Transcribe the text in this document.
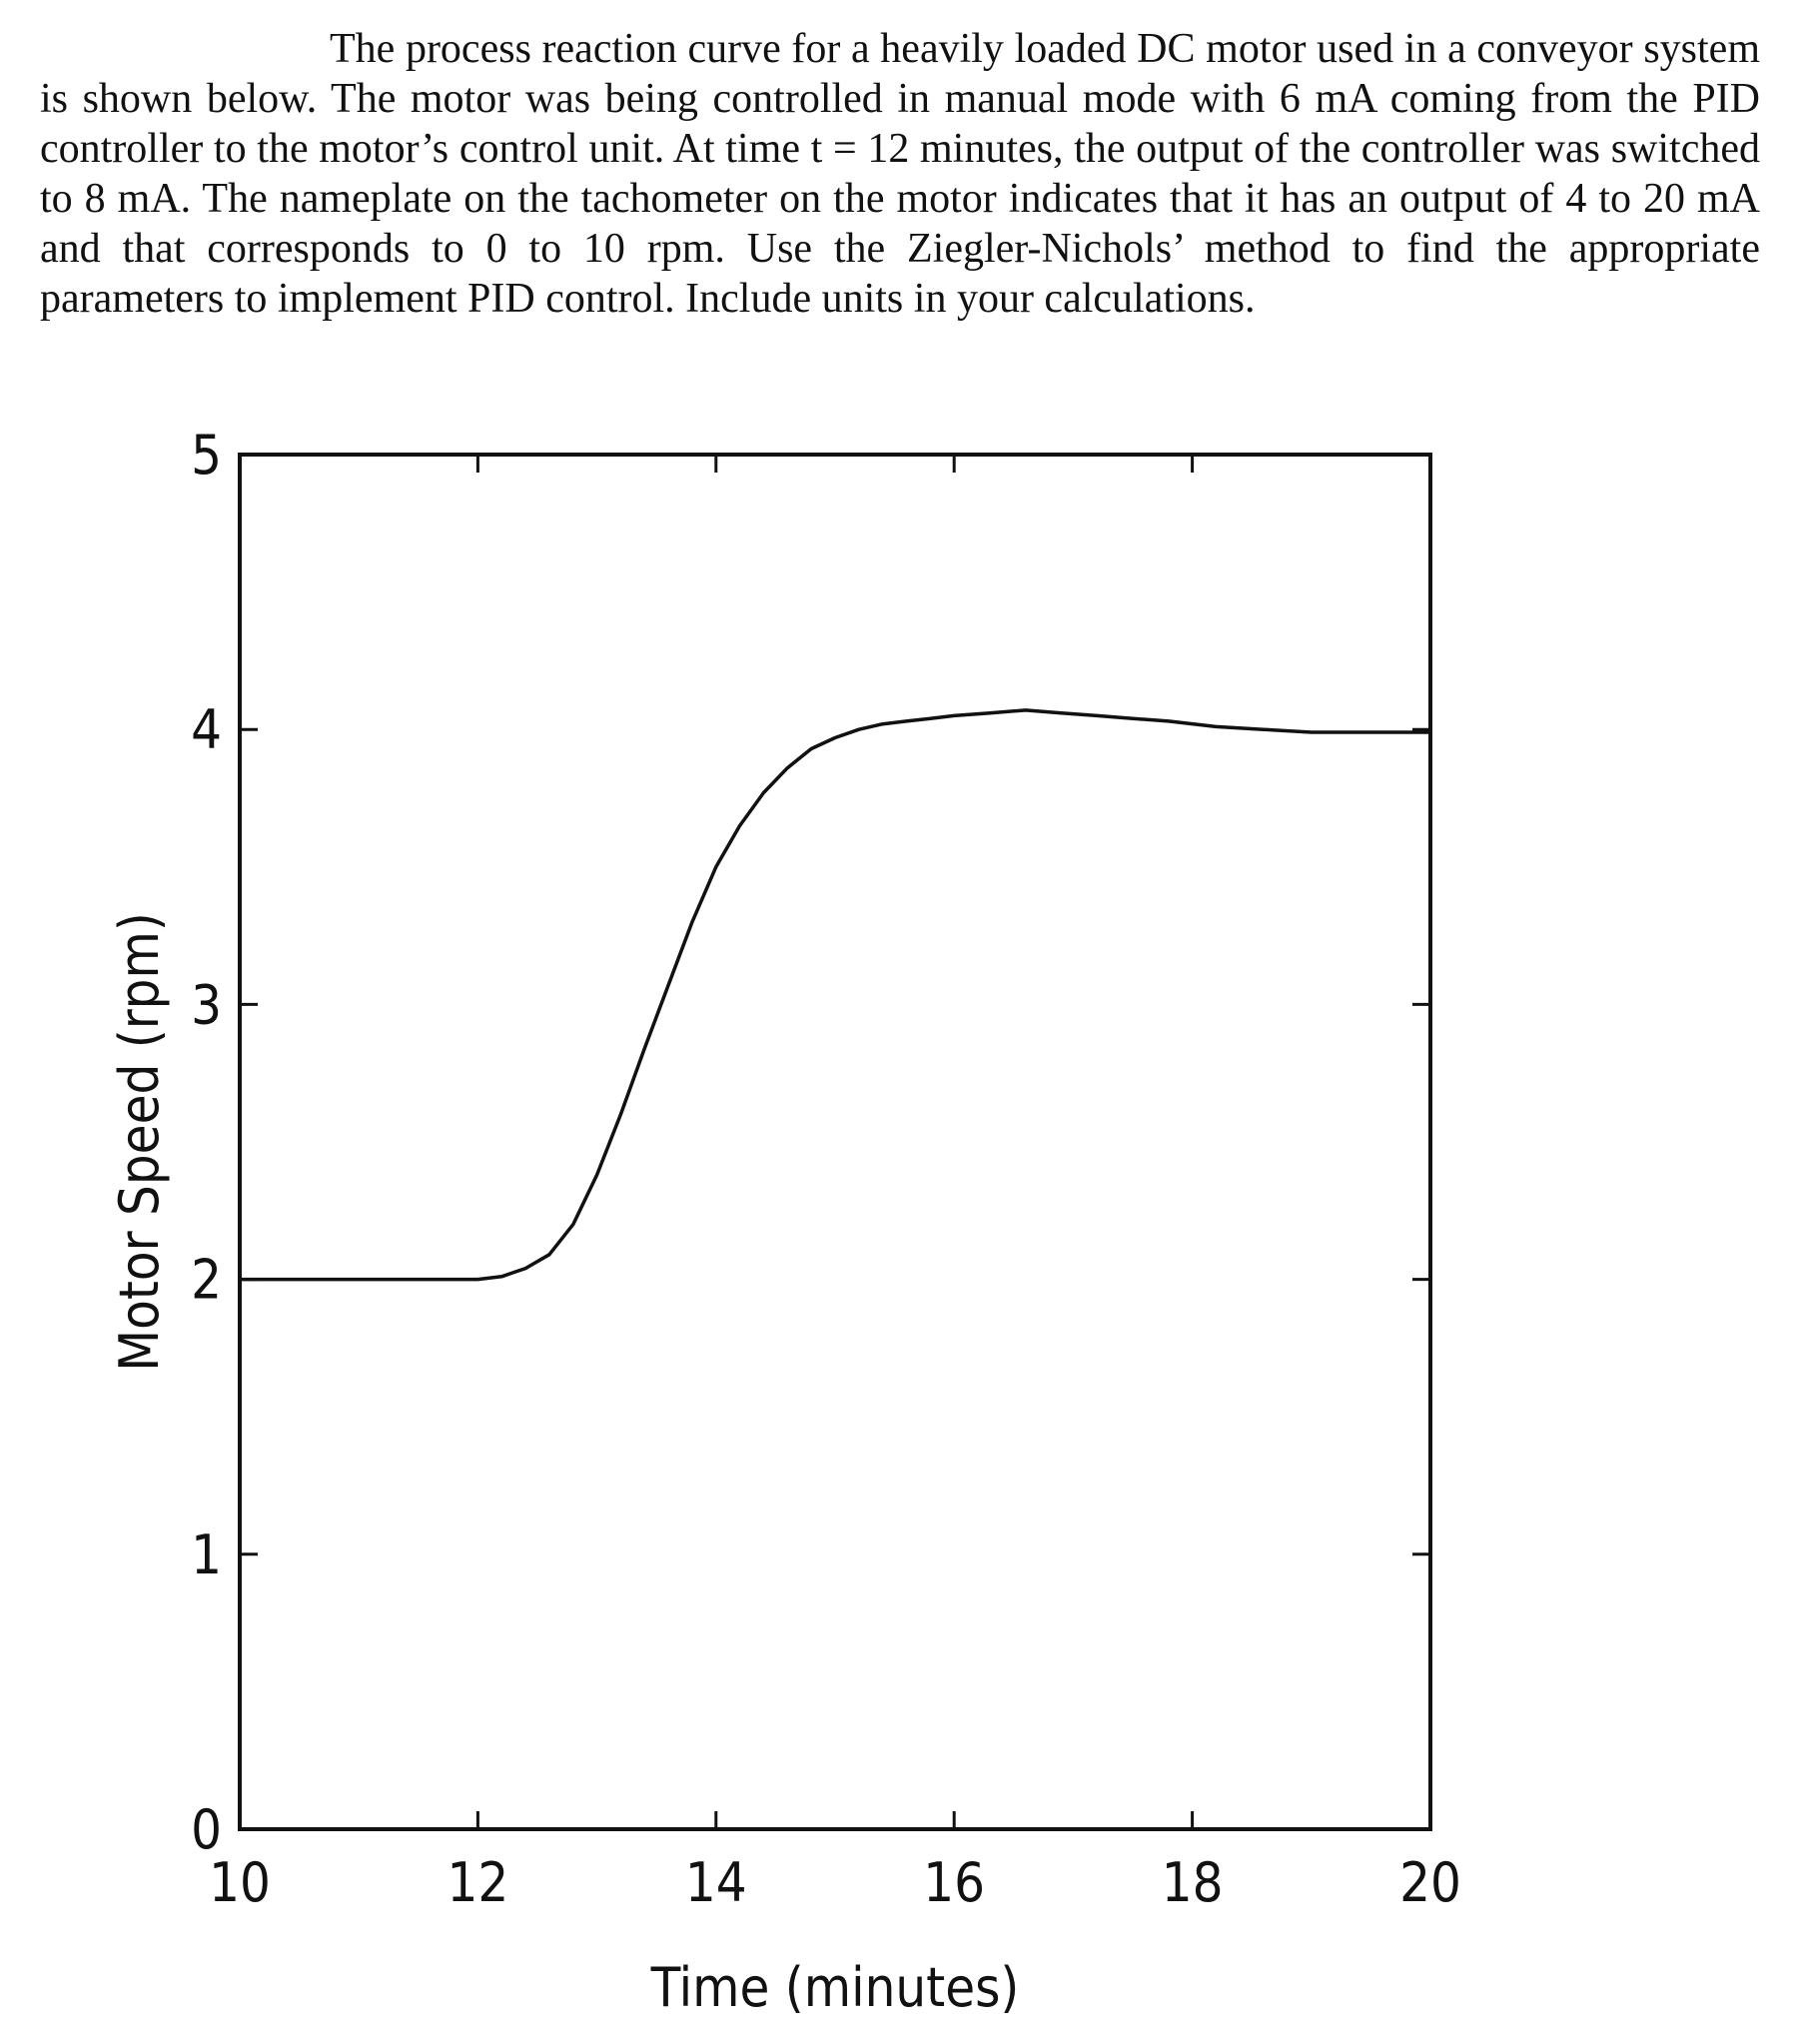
The process reaction curve for a heavily loaded DC motor used in a conveyor system is shown below. The motor was being controlled in manual mode with 6 mA coming from the PID controller to the motor’s control unit. At time t = 12 minutes, the output of the controller was switched to 8 mA. The nameplate on the tachometer on the motor indicates that it has an output of 4 to 20 mA and that corresponds to 0 to 10 rpm. Use the Ziegler-Nichols’ method to find the appropriate parameters to implement PID control. Include units in your calculations.

10	12	14	16	18	20
0
1
2
3
4
5
Time (minutes)
Motor Speed (rpm)
